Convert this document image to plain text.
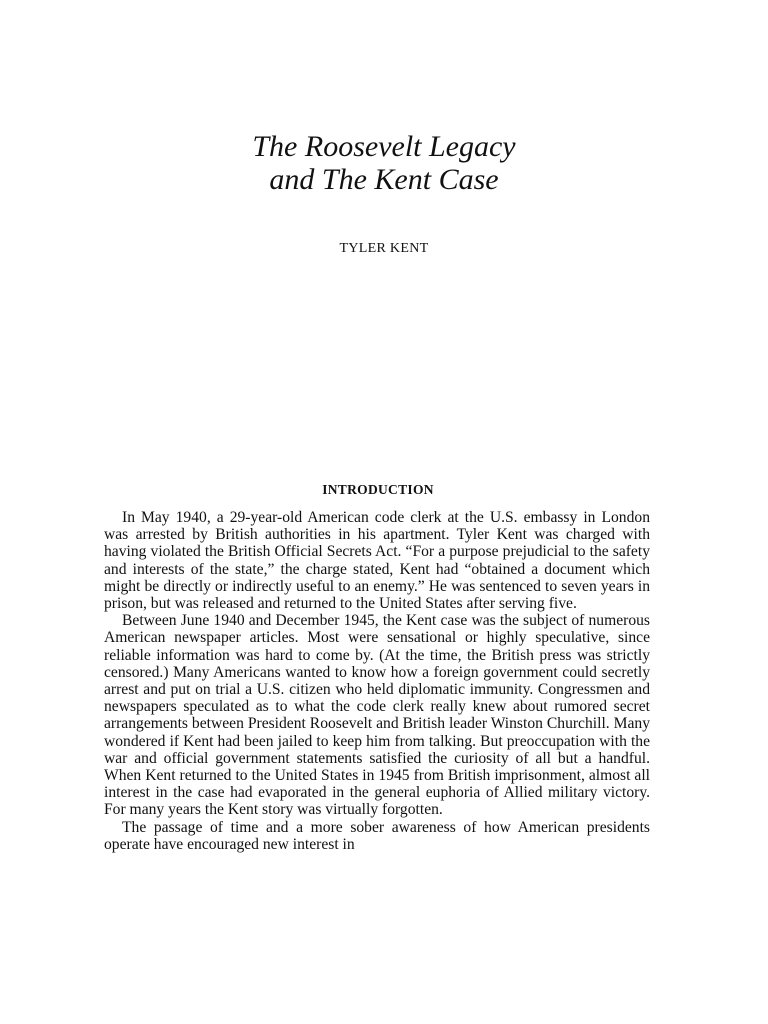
The Roosevelt Legacy
and The Kent Case
TYLER KENT
INTRODUCTION

In May 1940, a 29-year-old American code clerk at the U.S. embassy in London was arrested by British authorities in his apartment. Tyler Kent was charged with having violated the British Official Secrets Act. “For a purpose prejudicial to the safety and interests of the state,” the charge stated, Kent had “obtained a document which might be directly or indirectly useful to an enemy.” He was sentenced to seven years in prison, but was released and returned to the United States after serving five.

Between June 1940 and December 1945, the Kent case was the subject of numerous American newspaper articles. Most were sensational or highly speculative, since reliable information was hard to come by. (At the time, the British press was strictly censored.) Many Americans wanted to know how a foreign government could secretly arrest and put on trial a U.S. citizen who held diplomatic immunity. Congressmen and newspapers speculated as to what the code clerk really knew about rumored secret arrangements between President Roosevelt and British leader Winston Churchill. Many wondered if Kent had been jailed to keep him from talking. But preoccupation with the war and official government statements satisfied the curiosity of all but a handful. When Kent returned to the United States in 1945 from British imprisonment, almost all interest in the case had evaporated in the general euphoria of Allied military victory. For many years the Kent story was virtually forgotten.

The passage of time and a more sober awareness of how American presidents operate have encouraged new interest in
